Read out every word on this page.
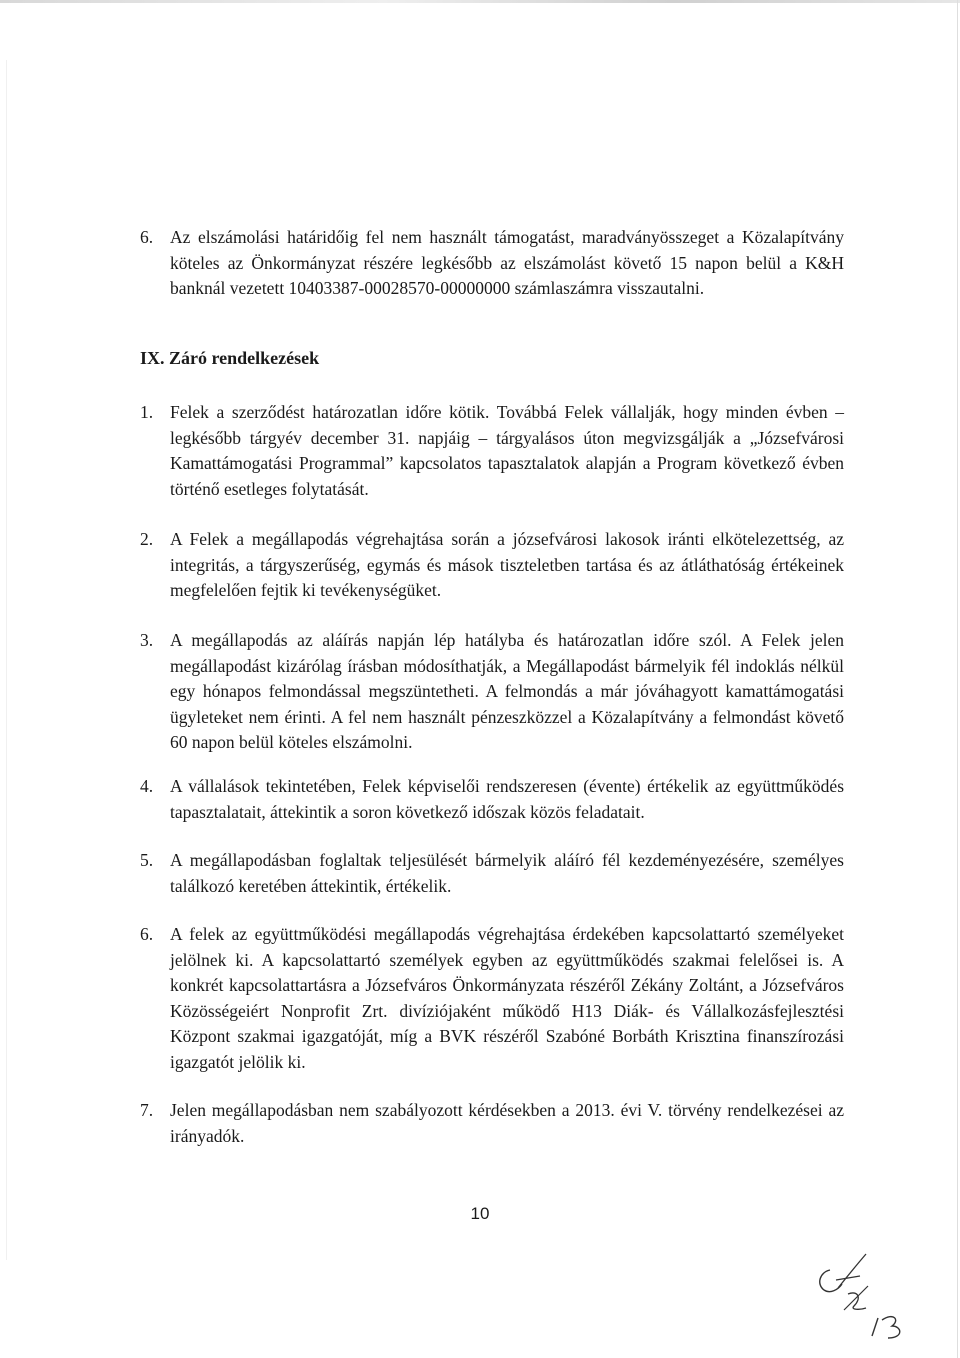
6. Az elszámolási határidőig fel nem használt támogatást, maradványösszeget a Közalapítvány köteles az Önkormányzat részére legkésőbb az elszámolást követő 15 napon belül a K&H banknál vezetett 10403387-00028570-00000000 számlaszámra visszautalni.
IX. Záró rendelkezések
1. Felek a szerződést határozatlan időre kötik. Továbbá Felek vállalják, hogy minden évben – legkésőbb tárgyév december 31. napjáig – tárgyalásos úton megvizsgálják a „Józsefvárosi Kamattámogatási Programmal” kapcsolatos tapasztalatok alapján a Program következő évben történő esetleges folytatását.
2. A Felek a megállapodás végrehajtása során a józsefvárosi lakosok iránti elkötelezettség, az integritás, a tárgyszerűség, egymás és mások tiszteletben tartása és az átláthatóság értékeinek megfelelően fejtik ki tevékenységüket.
3. A megállapodás az aláírás napján lép hatályba és határozatlan időre szól. A Felek jelen megállapodást kizárólag írásban módosíthatják, a Megállapodást bármelyik fél indoklás nélkül egy hónapos felmondással megszüntetheti. A felmondás a már jóváhagyott kamattámogatási ügyleteket nem érinti. A fel nem használt pénzeszközzel a Közalapítvány a felmondást követő 60 napon belül köteles elszámolni.
4. A vállalások tekintetében, Felek képviselői rendszeresen (évente) értékelik az együttműködés tapasztalatait, áttekintik a soron következő időszak közös feladatait.
5. A megállapodásban foglaltak teljesülését bármelyik aláíró fél kezdeményezésére, személyes találkozó keretében áttekintik, értékelik.
6. A felek az együttműködési megállapodás végrehajtása érdekében kapcsolattartó személyeket jelölnek ki. A kapcsolattartó személyek egyben az együttműködés szakmai felelősei is. A konkrét kapcsolattartásra a Józsefváros Önkormányzata részéről Zékány Zoltánt, a Józsefváros Közösségeiért Nonprofit Zrt. divíziójaként működő H13 Diák- és Vállalkozásfejlesztési Központ szakmai igazgatóját, míg a BVK részéről Szabóné Borbáth Krisztina finanszírozási igazgatót jelölik ki.
7. Jelen megállapodásban nem szabályozott kérdésekben a 2013. évi V. törvény rendelkezései az irányadók.
10
